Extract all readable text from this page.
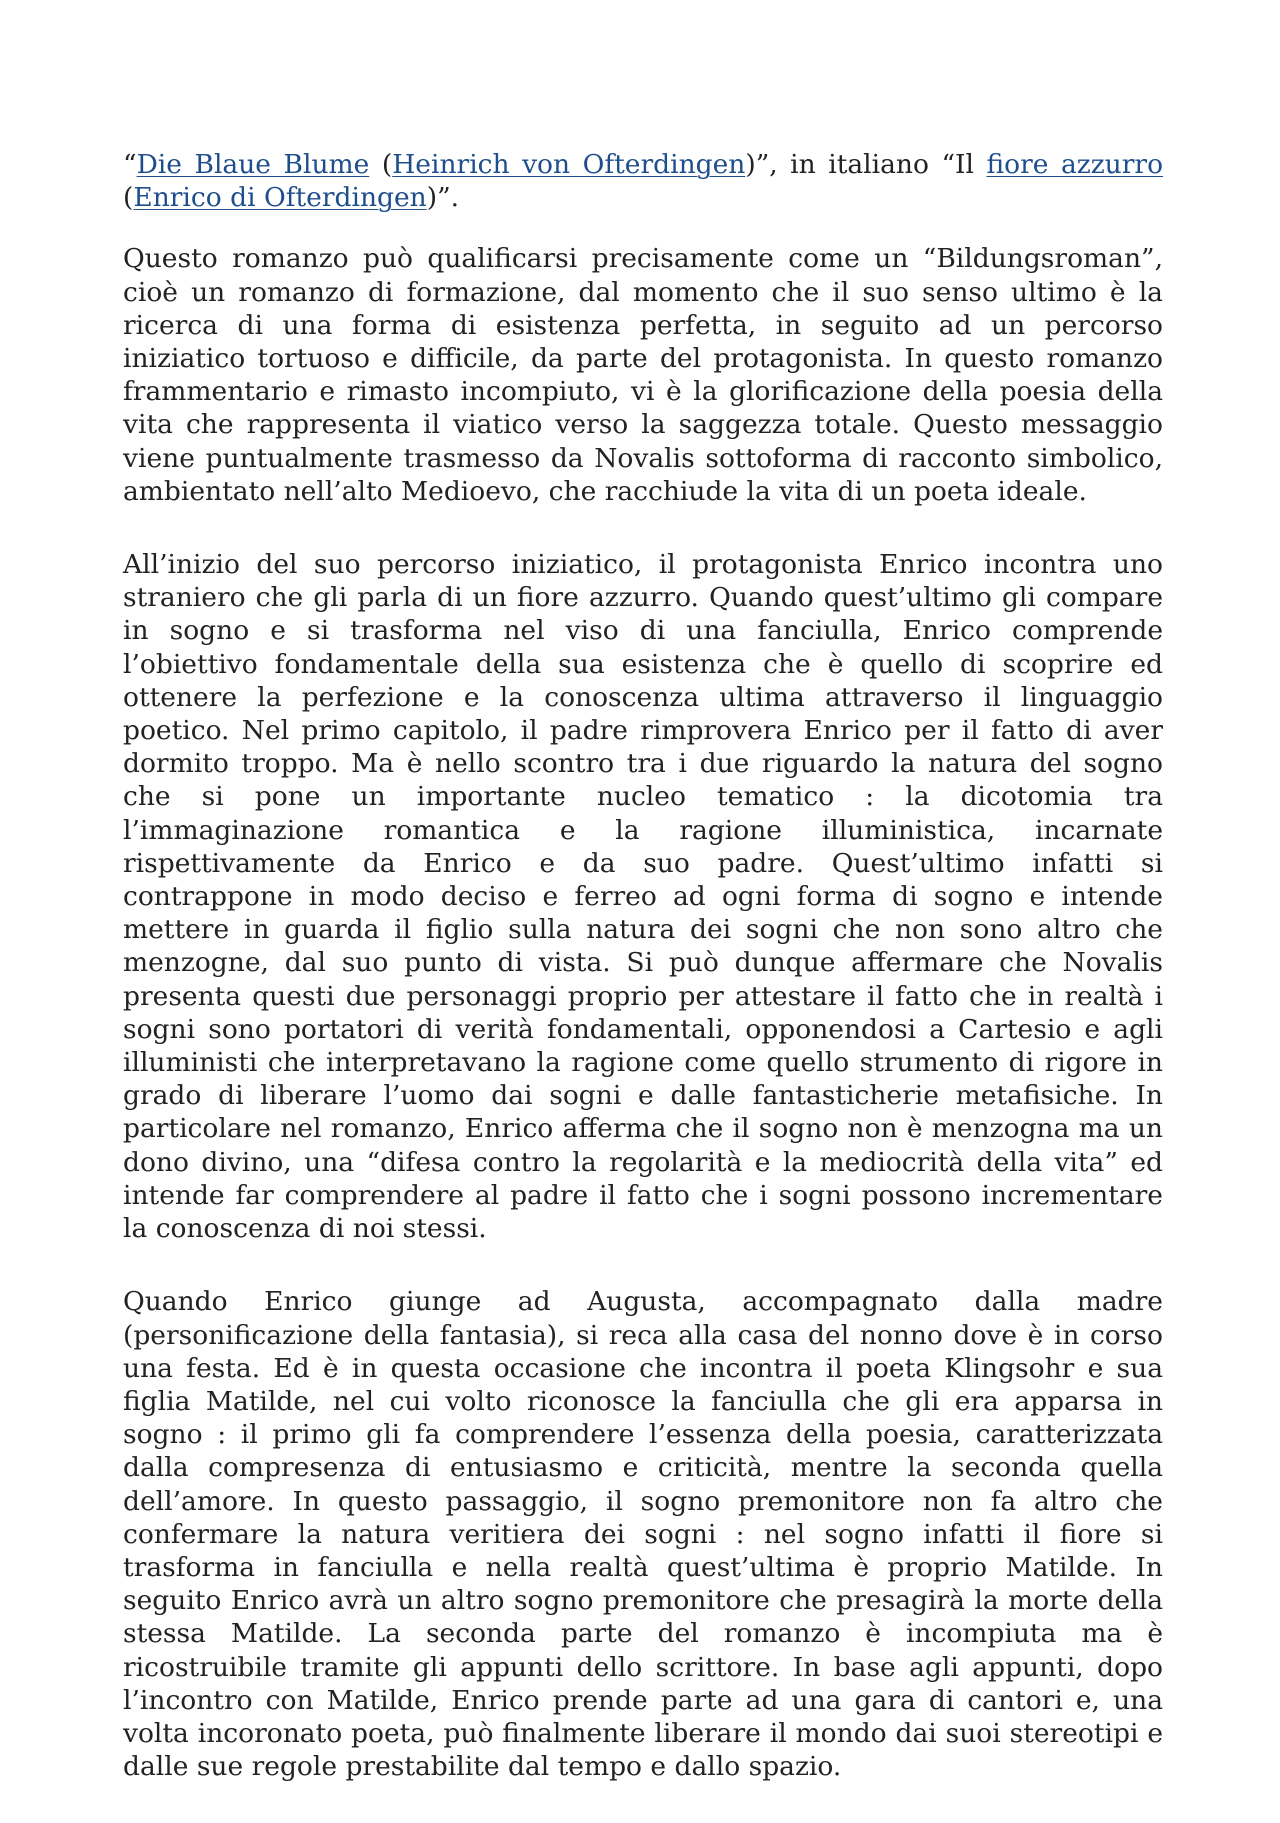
“Die Blaue Blume (Heinrich von Ofterdingen)”, in italiano “Il fiore azzurro (Enrico di Ofterdingen)”.

Questo romanzo può qualificarsi precisamente come un “Bildungsroman”, cioè un romanzo di formazione, dal momento che il suo senso ultimo è la ricerca di una forma di esistenza perfetta, in seguito ad un percorso iniziatico tortuoso e difficile, da parte del protagonista. In questo romanzo frammentario e rimasto incompiuto, vi è la glorificazione della poesia della vita che rappresenta il viatico verso la saggezza totale. Questo messaggio viene puntualmente trasmesso da Novalis sottoforma di racconto simbolico, ambientato nell’alto Medioevo, che racchiude la vita di un poeta ideale.

All’inizio del suo percorso iniziatico, il protagonista Enrico incontra uno straniero che gli parla di un fiore azzurro. Quando quest’ultimo gli compare in sogno e si trasforma nel viso di una fanciulla, Enrico comprende l’obiettivo fondamentale della sua esistenza che è quello di scoprire ed ottenere la perfezione e la conoscenza ultima attraverso il linguaggio poetico. Nel primo capitolo, il padre rimprovera Enrico per il fatto di aver dormito troppo. Ma è nello scontro tra i due riguardo la natura del sogno che si pone un importante nucleo tematico : la dicotomia tra l’immaginazione romantica e la ragione illuministica, incarnate rispettivamente da Enrico e da suo padre. Quest’ultimo infatti si contrappone in modo deciso e ferreo ad ogni forma di sogno e intende mettere in guarda il figlio sulla natura dei sogni che non sono altro che menzogne, dal suo punto di vista. Si può dunque affermare che Novalis presenta questi due personaggi proprio per attestare il fatto che in realtà i sogni sono portatori di verità fondamentali, opponendosi a Cartesio e agli illuministi che interpretavano la ragione come quello strumento di rigore in grado di liberare l’uomo dai sogni e dalle fantasticherie metafisiche. In particolare nel romanzo, Enrico afferma che il sogno non è menzogna ma un dono divino, una “difesa contro la regolarità e la mediocrità della vita” ed intende far comprendere al padre il fatto che i sogni possono incrementare la conoscenza di noi stessi.

Quando Enrico giunge ad Augusta, accompagnato dalla madre (personificazione della fantasia), si reca alla casa del nonno dove è in corso una festa. Ed è in questa occasione che incontra il poeta Klingsohr e sua figlia Matilde, nel cui volto riconosce la fanciulla che gli era apparsa in sogno : il primo gli fa comprendere l’essenza della poesia, caratterizzata dalla compresenza di entusiasmo e criticità, mentre la seconda quella dell’amore. In questo passaggio, il sogno premonitore non fa altro che confermare la natura veritiera dei sogni : nel sogno infatti il fiore si trasforma in fanciulla e nella realtà quest’ultima è proprio Matilde. In seguito Enrico avrà un altro sogno premonitore che presagirà la morte della stessa Matilde. La seconda parte del romanzo è incompiuta ma è ricostruibile tramite gli appunti dello scrittore. In base agli appunti, dopo l’incontro con Matilde, Enrico prende parte ad una gara di cantori e, una volta incoronato poeta, può finalmente liberare il mondo dai suoi stereotipi e dalle sue regole prestabilite dal tempo e dallo spazio.
